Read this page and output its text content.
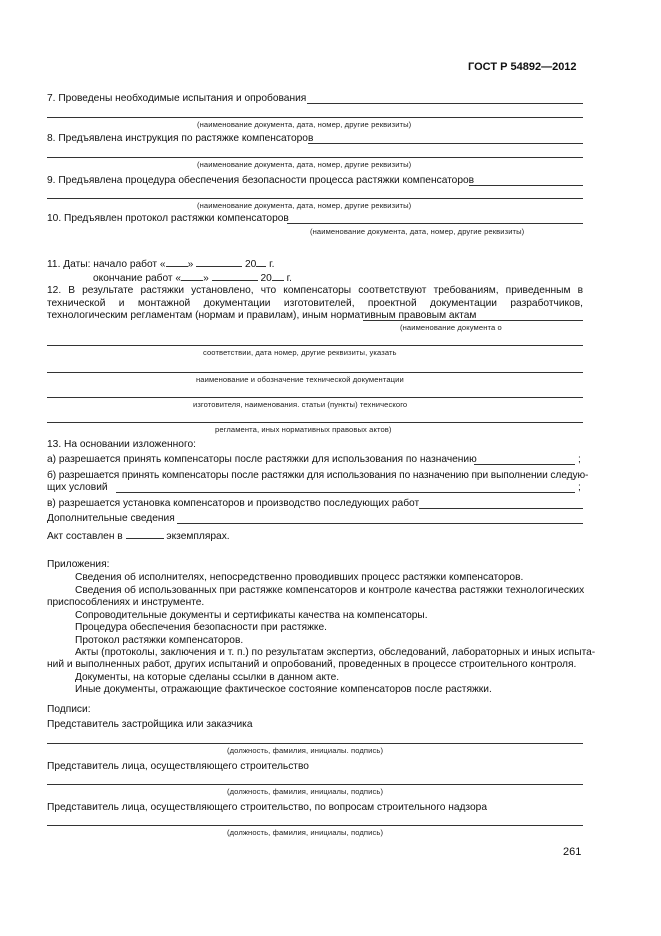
ГОСТ Р 54892—2012
7. Проведены необходимые испытания и опробования
(наименование документа, дата, номер, другие реквизиты)
8. Предъявлена инструкция по растяжке компенсаторов
(наименование документа, дата, номер, другие реквизиты)
9. Предъявлена процедура обеспечения безопасности процесса растяжки компенсаторов
(наименование документа, дата, номер, другие реквизиты)
10. Предъявлен протокол растяжки компенсаторов
(наименование документа, дата, номер, другие реквизиты)
11. Даты: начало работ « »	20 г.
окончание работ « »	20 г.
12. В результате растяжки установлено, что компенсаторы соответствуют требованиям, приведенным в технической и монтажной документации изготовителей, проектной документации разработчиков, технологическим регламентам (нормам и правилам), иным нормативным правовым актам
(наименование документа о
соответствии, дата номер, другие реквизиты, указать
наименование и обозначение технической документации
изготовителя, наименования. статьи (пункты) технического
регламента, иных нормативных правовых актов)
13. На основании изложенного:
а) разрешается принять компенсаторы после растяжки для использования по назначению	;
б) разрешается принять компенсаторы после растяжки для использования по назначению при выполнении следую-
щих условий	;
в) разрешается установка компенсаторов и производство последующих работ
Дополнительные сведения
Акт составлен в	экземплярах.
Приложения:
Сведения об исполнителях, непосредственно проводивших процесс растяжки компенсаторов.
Сведения об использованных при растяжке компенсаторов и контроле качества растяжки технологических
приспособлениях и инструменте.
Сопроводительные документы и сертификаты качества на компенсаторы.
Процедура обеспечения безопасности при растяжке.
Протокол растяжки компенсаторов.
Акты (протоколы, заключения и т. п.) по результатам экспертиз, обследований, лабораторных и иных испыта-
ний и выполненных работ, других испытаний и опробований, проведенных в процессе строительного контроля.
Документы, на которые сделаны ссылки в данном акте.
Иные документы, отражающие фактическое состояние компенсаторов после растяжки.
Подписи:
Представитель застройщика или заказчика
(должность, фамилия, инициалы. подпись)
Представитель лица, осуществляющего строительство
(должность, фамилия, инициалы, подпись)
Представитель лица, осуществляющего строительство, по вопросам строительного надзора
(должность, фамилия, инициалы, подпись)
261
